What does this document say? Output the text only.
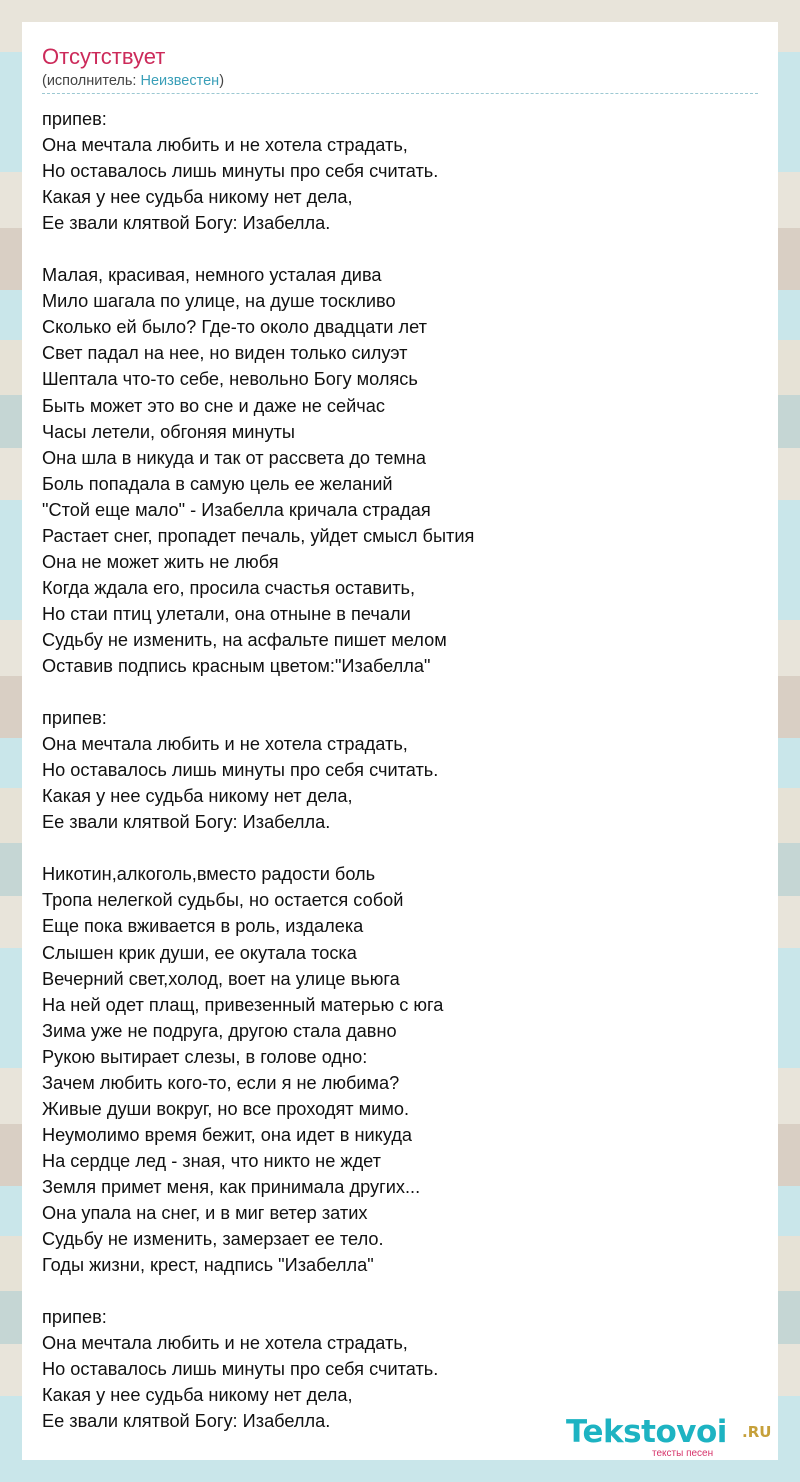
Отсутствует
(исполнитель: Неизвестен)
припев:
Она мечтала любить и не хотела страдать,
Но оставалось лишь минуты про себя считать.
Какая у нее судьба никому нет дела,
Ее звали клятвой Богу: Изабелла.
Малая, красивая, немного усталая дива
Мило шагала по улице, на душе тоскливо
Сколько ей было? Где-то около двадцати лет
Свет падал на нее, но виден только силуэт
Шептала что-то себе, невольно Богу молясь
Быть может это во сне и даже не сейчас
Часы летели, обгоняя минуты
Она шла в никуда и так от рассвета до темна
Боль попадала в самую цель ее желаний
"Стой еще мало" - Изабелла кричала страдая
Растает снег, пропадет печаль, уйдет смысл бытия
Она не может жить не любя
Когда ждала его, просила счастья оставить,
Но стаи птиц улетали, она отныне в печали
Судьбу не изменить, на асфальте пишет мелом
Оставив подпись красным цветом:"Изабелла"
припев:
Она мечтала любить и не хотела страдать,
Но оставалось лишь минуты про себя считать.
Какая у нее судьба никому нет дела,
Ее звали клятвой Богу: Изабелла.
Никотин,алкоголь,вместо радости боль
Тропа нелегкой судьбы, но остается собой
Еще пока вживается в роль, издалека
Слышен крик души, ее окутала тоска
Вечерний свет,холод, воет на улице вьюга
На ней одет плащ, привезенный матерью с юга
Зима уже не подруга, другою стала давно
Рукою вытирает слезы, в голове одно:
Зачем любить кого-то, если я не любима?
Живые души вокруг, но все проходят мимо.
Неумолимо время бежит, она идет в никуда
На сердце лед - зная, что никто не ждет
Земля примет меня, как принимала других...
Она упала на снег, и в миг ветер затих
Судьбу не изменить, замерзает ее тело.
Годы жизни, крест, надпись "Изабелла"
припев:
Она мечтала любить и не хотела страдать,
Но оставалось лишь минуты про себя считать.
Какая у нее судьба никому нет дела,
Ее звали клятвой Богу: Изабелла.	Tekstovoi .RU
тексты песен
